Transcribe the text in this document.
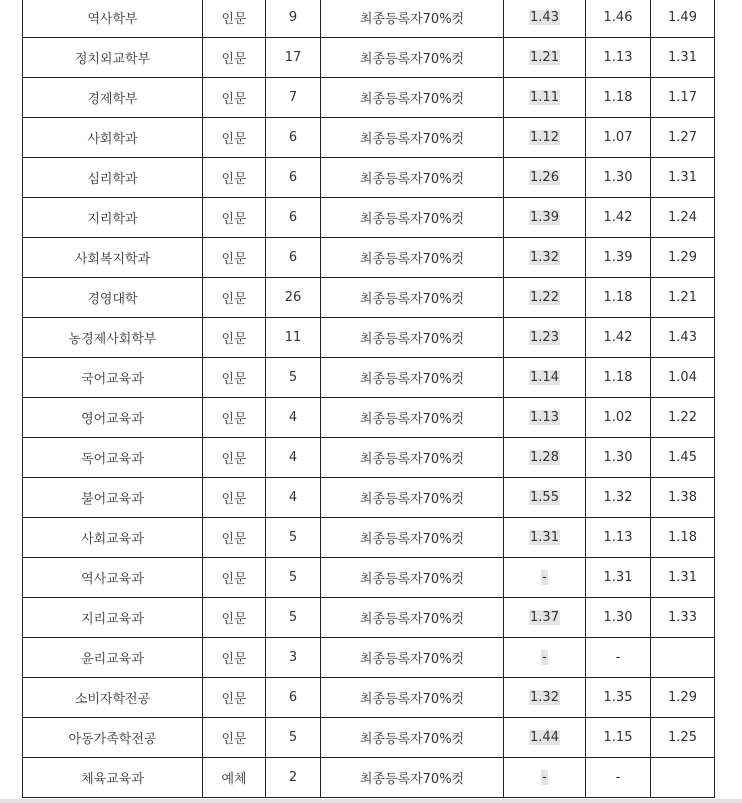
역사학부	인문	9	최종등록자70%컷	1.43	1.46	1.49
정치외교학부	인문	17	최종등록자70%컷	1.21	1.13	1.31
경제학부	인문	7	최종등록자70%컷	1.11	1.18	1.17
사회학과	인문	6	최종등록자70%컷	1.12	1.07	1.27
심리학과	인문	6	최종등록자70%컷	1.26	1.30	1.31
지리학과	인문	6	최종등록자70%컷	1.39	1.42	1.24
사회복지학과	인문	6	최종등록자70%컷	1.32	1.39	1.29
경영대학	인문	26	최종등록자70%컷	1.22	1.18	1.21
농경제사회학부	인문	11	최종등록자70%컷	1.23	1.42	1.43
국어교육과	인문	5	최종등록자70%컷	1.14	1.18	1.04
영어교육과	인문	4	최종등록자70%컷	1.13	1.02	1.22
독어교육과	인문	4	최종등록자70%컷	1.28	1.30	1.45
불어교육과	인문	4	최종등록자70%컷	1.55	1.32	1.38
사회교육과	인문	5	최종등록자70%컷	1.31	1.13	1.18
역사교육과	인문	5	최종등록자70%컷	-	1.31	1.31
지리교육과	인문	5	최종등록자70%컷	1.37	1.30	1.33
윤리교육과	인문	3	최종등록자70%컷	-	-	
소비자학전공	인문	6	최종등록자70%컷	1.32	1.35	1.29
아동가족학전공	인문	5	최종등록자70%컷	1.44	1.15	1.25
체육교육과	예체	2	최종등록자70%컷	-	-	
